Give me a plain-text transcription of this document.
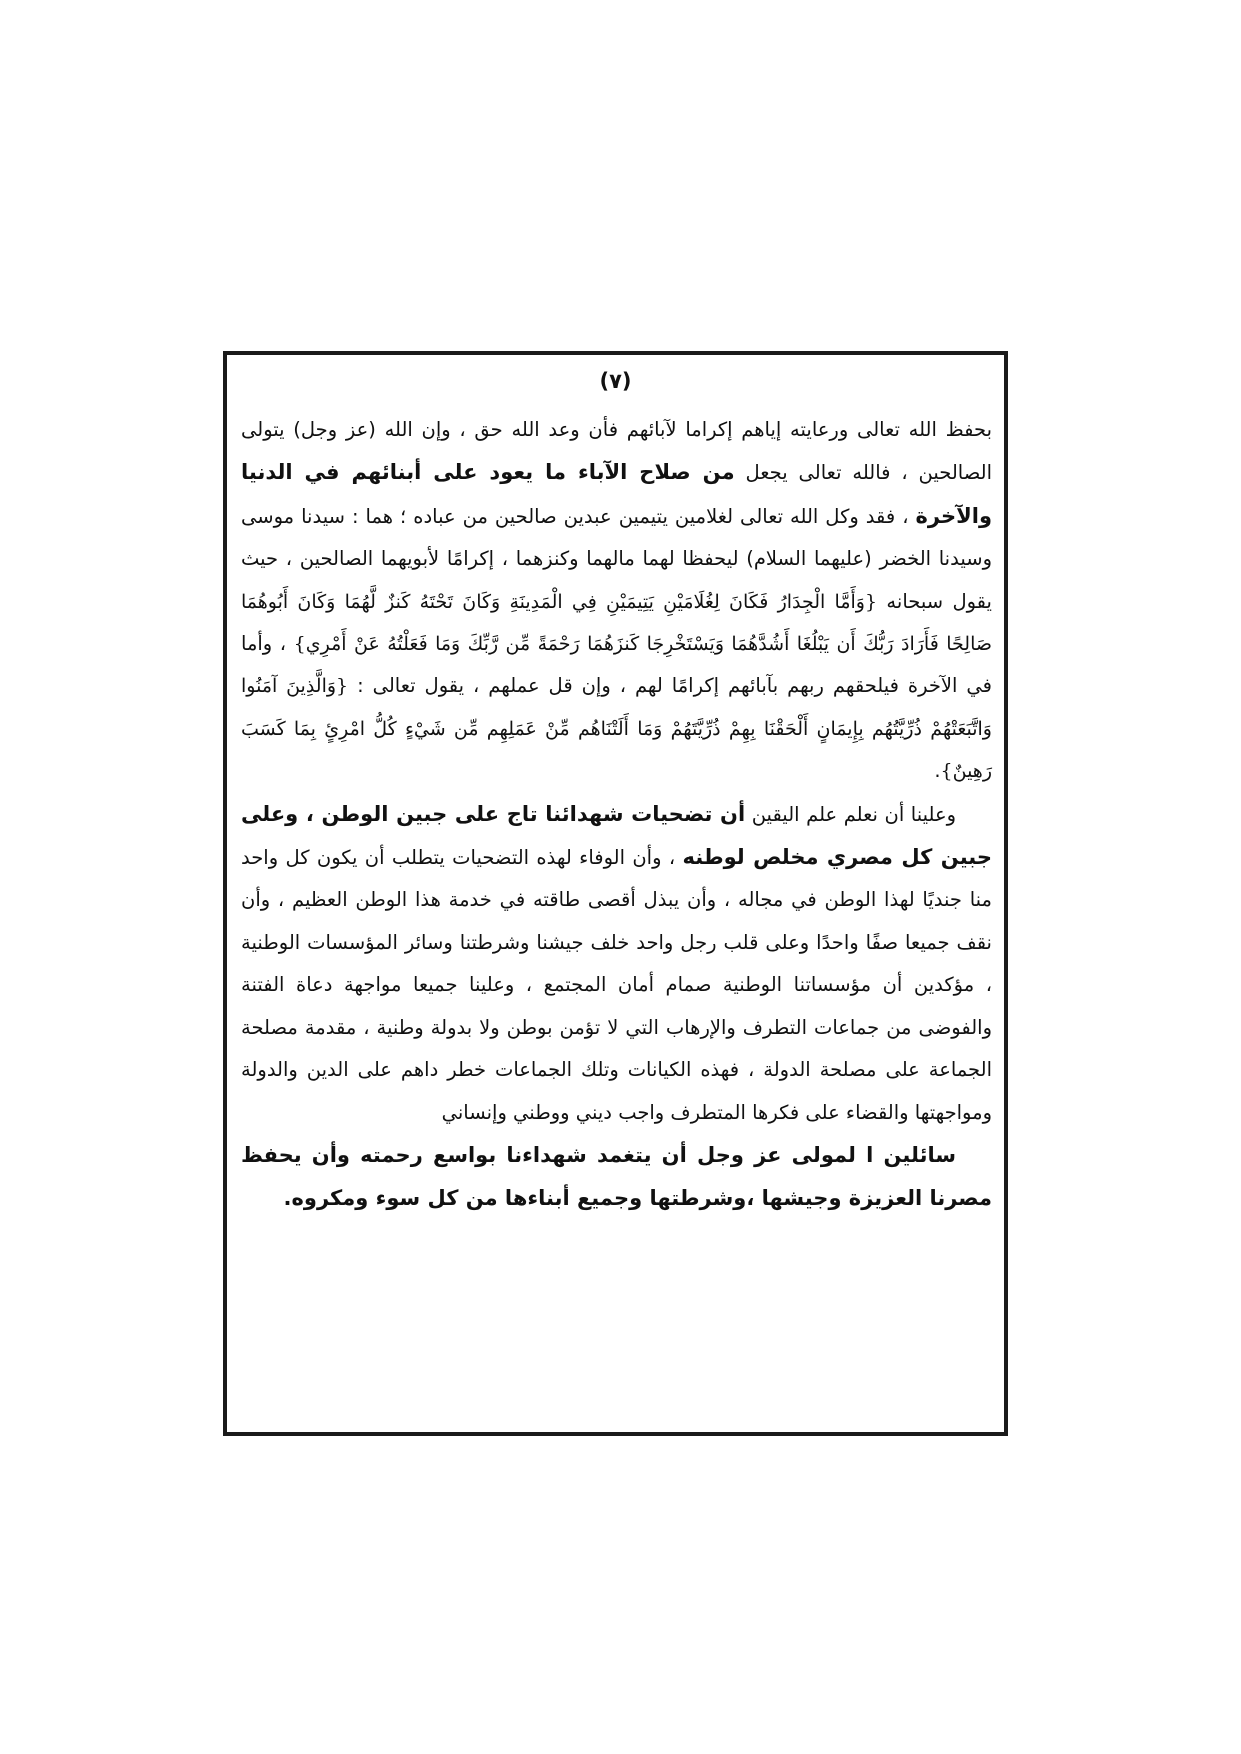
(٧)

بحفظ الله تعالى ورعايته إياهم إكراما لآبائهم فأن وعد الله حق ، وإن الله (عز وجل) يتولى الصالحين ، فالله تعالى يجعل من صلاح الآباء ما يعود على أبنائهم في الدنيا والآخرة ، فقد وكل الله تعالى لغلامين يتيمين عبدين صالحين من عباده ؛ هما : سيدنا موسى وسيدنا الخضر (عليهما السلام) ليحفظا لهما مالهما وكنزهما ، إكرامًا لأبويهما الصالحين ، حيث يقول سبحانه {وَأَمَّا الْجِدَارُ فَكَانَ لِغُلَامَيْنِ يَتِيمَيْنِ فِي الْمَدِينَةِ وَكَانَ تَحْتَهُ كَنزٌ لَّهُمَا وَكَانَ أَبُوهُمَا صَالِحًا فَأَرَادَ رَبُّكَ أَن يَبْلُغَا أَشُدَّهُمَا وَيَسْتَخْرِجَا كَنزَهُمَا رَحْمَةً مِّن رَّبِّكَ وَمَا فَعَلْتُهُ عَنْ أَمْرِي} ، وأما في الآخرة فيلحقهم ربهم بآبائهم إكرامًا لهم ، وإن قل عملهم ، يقول تعالى : {وَالَّذِينَ آمَنُوا وَاتَّبَعَتْهُمْ ذُرِّيَّتُهُم بِإِيمَانٍ أَلْحَقْنَا بِهِمْ ذُرِّيَّتَهُمْ وَمَا أَلَتْنَاهُم مِّنْ عَمَلِهِم مِّن شَيْءٍ كُلُّ امْرِئٍ بِمَا كَسَبَ رَهِينٌ}.

وعلينا أن نعلم علم اليقين أن تضحيات شهدائنا تاج على جبين الوطن ، وعلى جبين كل مصري مخلص لوطنه ، وأن الوفاء لهذه التضحيات يتطلب أن يكون كل واحد منا جنديًا لهذا الوطن في مجاله ، وأن يبذل أقصى طاقته في خدمة هذا الوطن العظيم ، وأن نقف جميعا صفًا واحدًا وعلى قلب رجل واحد خلف جيشنا وشرطتنا وسائر المؤسسات الوطنية ، مؤكدين أن مؤسساتنا الوطنية صمام أمان المجتمع ، وعلينا جميعا مواجهة دعاة الفتنة والفوضى من جماعات التطرف والإرهاب التي لا تؤمن بوطن ولا بدولة وطنية ، مقدمة مصلحة الجماعة على مصلحة الدولة ، فهذه الكيانات وتلك الجماعات خطر داهم على الدين والدولة ومواجهتها والقضاء على فكرها المتطرف واجب ديني ووطني وإنساني

سائلين ا لمولى عز وجل أن يتغمد شهداءنا بواسع رحمته وأن يحفظ مصرنا العزيزة وجيشها ،وشرطتها وجميع أبناءها من كل سوء ومكروه.
